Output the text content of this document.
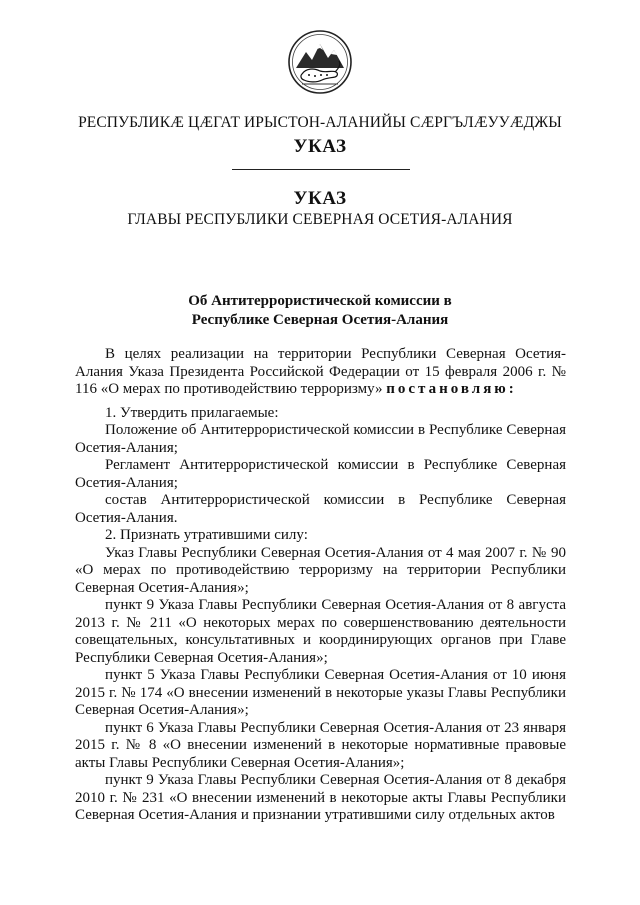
РЕСПУБЛИКӔ ЦӔГАТ ИРЫСТОН-АЛАНИЙЫ СӔРГЪЛӔУУӔДЖЫ
УКАЗ
УКАЗ
ГЛАВЫ РЕСПУБЛИКИ СЕВЕРНАЯ ОСЕТИЯ-АЛАНИЯ
Об Антитеррористической комиссии в
Республике Северная Осетия-Алания

В целях реализации на территории Республики Северная Осетия-Алания Указа Президента Российской Федерации от 15 февраля 2006 г. № 116 «О мерах по противодействию терроризму» постановляю:

1. Утвердить прилагаемые:

Положение об Антитеррористической комиссии в Республике Северная Осетия-Алания;

Регламент Антитеррористической комиссии в Республике Северная Осетия-Алания;

состав Антитеррористической комиссии в Республике Северная Осетия-Алания.

2. Признать утратившими силу:

Указ Главы Республики Северная Осетия-Алания от 4 мая 2007 г. № 90 «О мерах по противодействию терроризму на территории Республики Северная Осетия-Алания»;

пункт 9 Указа Главы Республики Северная Осетия-Алания от 8 августа 2013 г. № 211 «О некоторых мерах по совершенствованию деятельности совещательных, консультативных и координирующих органов при Главе Республики Северная Осетия-Алания»;

пункт 5 Указа Главы Республики Северная Осетия-Алания от 10 июня 2015 г. № 174 «О внесении изменений в некоторые указы Главы Республики Северная Осетия-Алания»;

пункт 6 Указа Главы Республики Северная Осетия-Алания от 23 января 2015 г. № 8 «О внесении изменений в некоторые нормативные правовые акты Главы Республики Северная Осетия-Алания»;

пункт 9 Указа Главы Республики Северная Осетия-Алания от 8 декабря 2010 г. № 231 «О внесении изменений в некоторые акты Главы Республики Северная Осетия-Алания и признании утратившими силу отдельных актов
